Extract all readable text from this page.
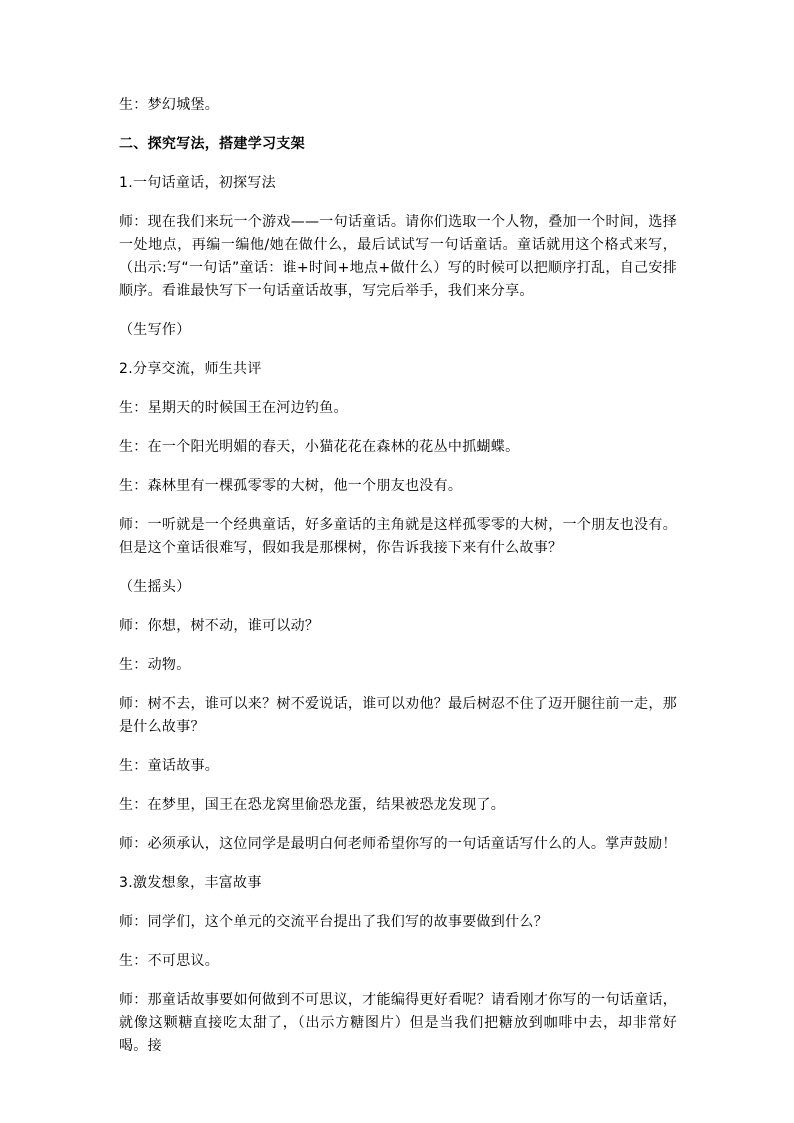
生：梦幻城堡。

二、探究写法，搭建学习支架

1.一句话童话，初探写法

师：现在我们来玩一个游戏——一句话童话。请你们选取一个人物，叠加一个时间，选择一处地点，再编一编他/她在做什么，最后试试写一句话童话。童话就用这个格式来写，（出示:写“一句话”童话：谁+时间+地点+做什么）写的时候可以把顺序打乱，自己安排顺序。看谁最快写下一句话童话故事，写完后举手，我们来分享。

（生写作）

2.分享交流，师生共评

生：星期天的时候国王在河边钓鱼。

生：在一个阳光明媚的春天，小猫花花在森林的花丛中抓蝴蝶。

生：森林里有一棵孤零零的大树，他一个朋友也没有。

师：一听就是一个经典童话，好多童话的主角就是这样孤零零的大树，一个朋友也没有。但是这个童话很难写，假如我是那棵树，你告诉我接下来有什么故事？

（生摇头）

师：你想，树不动，谁可以动？

生：动物。

师：树不去，谁可以来？树不爱说话，谁可以劝他？最后树忍不住了迈开腿往前一走，那是什么故事？

生：童话故事。

生：在梦里，国王在恐龙窝里偷恐龙蛋，结果被恐龙发现了。

师：必须承认，这位同学是最明白何老师希望你写的一句话童话写什么的人。掌声鼓励！

3.激发想象，丰富故事

师：同学们，这个单元的交流平台提出了我们写的故事要做到什么？

生：不可思议。

师：那童话故事要如何做到不可思议，才能编得更好看呢？请看刚才你写的一句话童话，就像这颗糖直接吃太甜了，（出示方糖图片）但是当我们把糖放到咖啡中去，却非常好喝。接
